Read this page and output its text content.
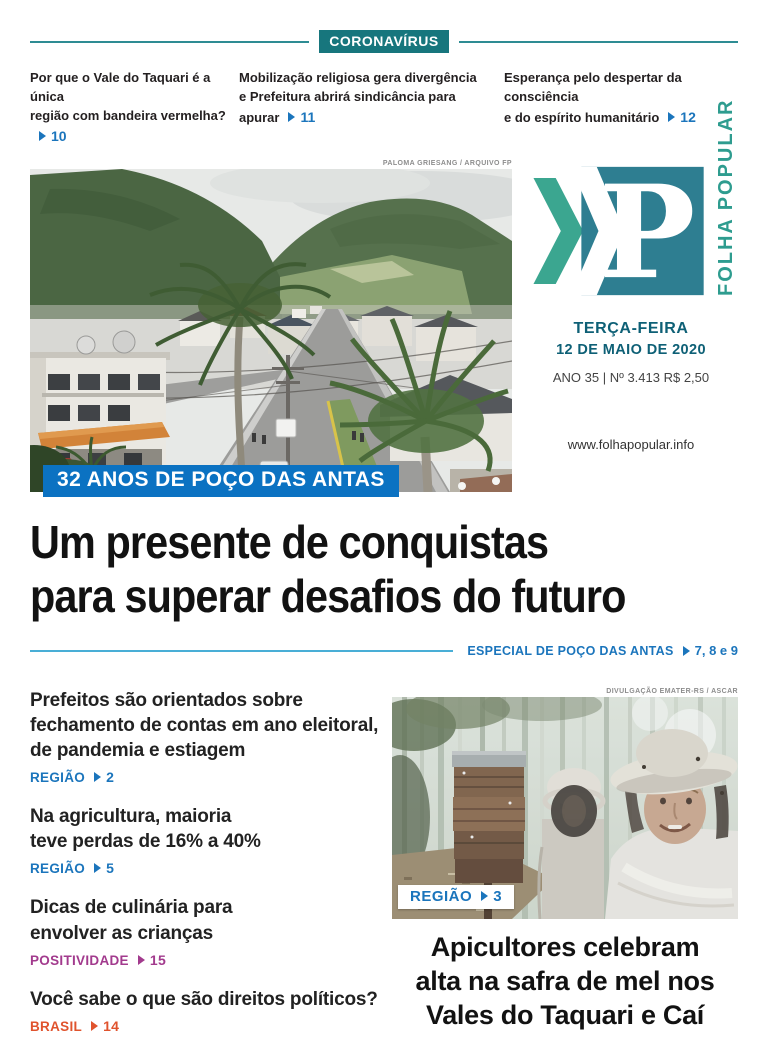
CORONAVÍRUS
Por que o Vale do Taquari é a única
região com bandeira vermelha?10
Mobilização religiosa gera divergência
e Prefeitura abrirá sindicância para apurar 11
Esperança pelo despertar da consciência
e do espírito humanitário 12
PALOMA GRIESANG / ARQUIVO FP
32 ANOS DE POÇO DAS ANTAS
P FOLHA POPULAR
TERÇA-FEIRA
12 DE MAIO DE 2020
ANO 35 | Nº 3.413 R$ 2,50
www.folhapopular.info
Um presente de conquistas
para superar desafios do futuro
ESPECIAL DE POÇO DAS ANTAS 7, 8 e 9
Prefeitos são orientados sobre
fechamento de contas em ano eleitoral,
de pandemia e estiagem
REGIÃO 2
Na agricultura, maioria
teve perdas de 16% a 40%
REGIÃO 5
Dicas de culinária para
envolver as crianças
POSITIVIDADE 15
Você sabe o que são direitos políticos?
BRASIL 14
DIVULGAÇÃO EMATER-RS / ASCAR
REGIÃO 3
Apicultores celebram
alta na safra de mel nos
Vales do Taquari e Caí
